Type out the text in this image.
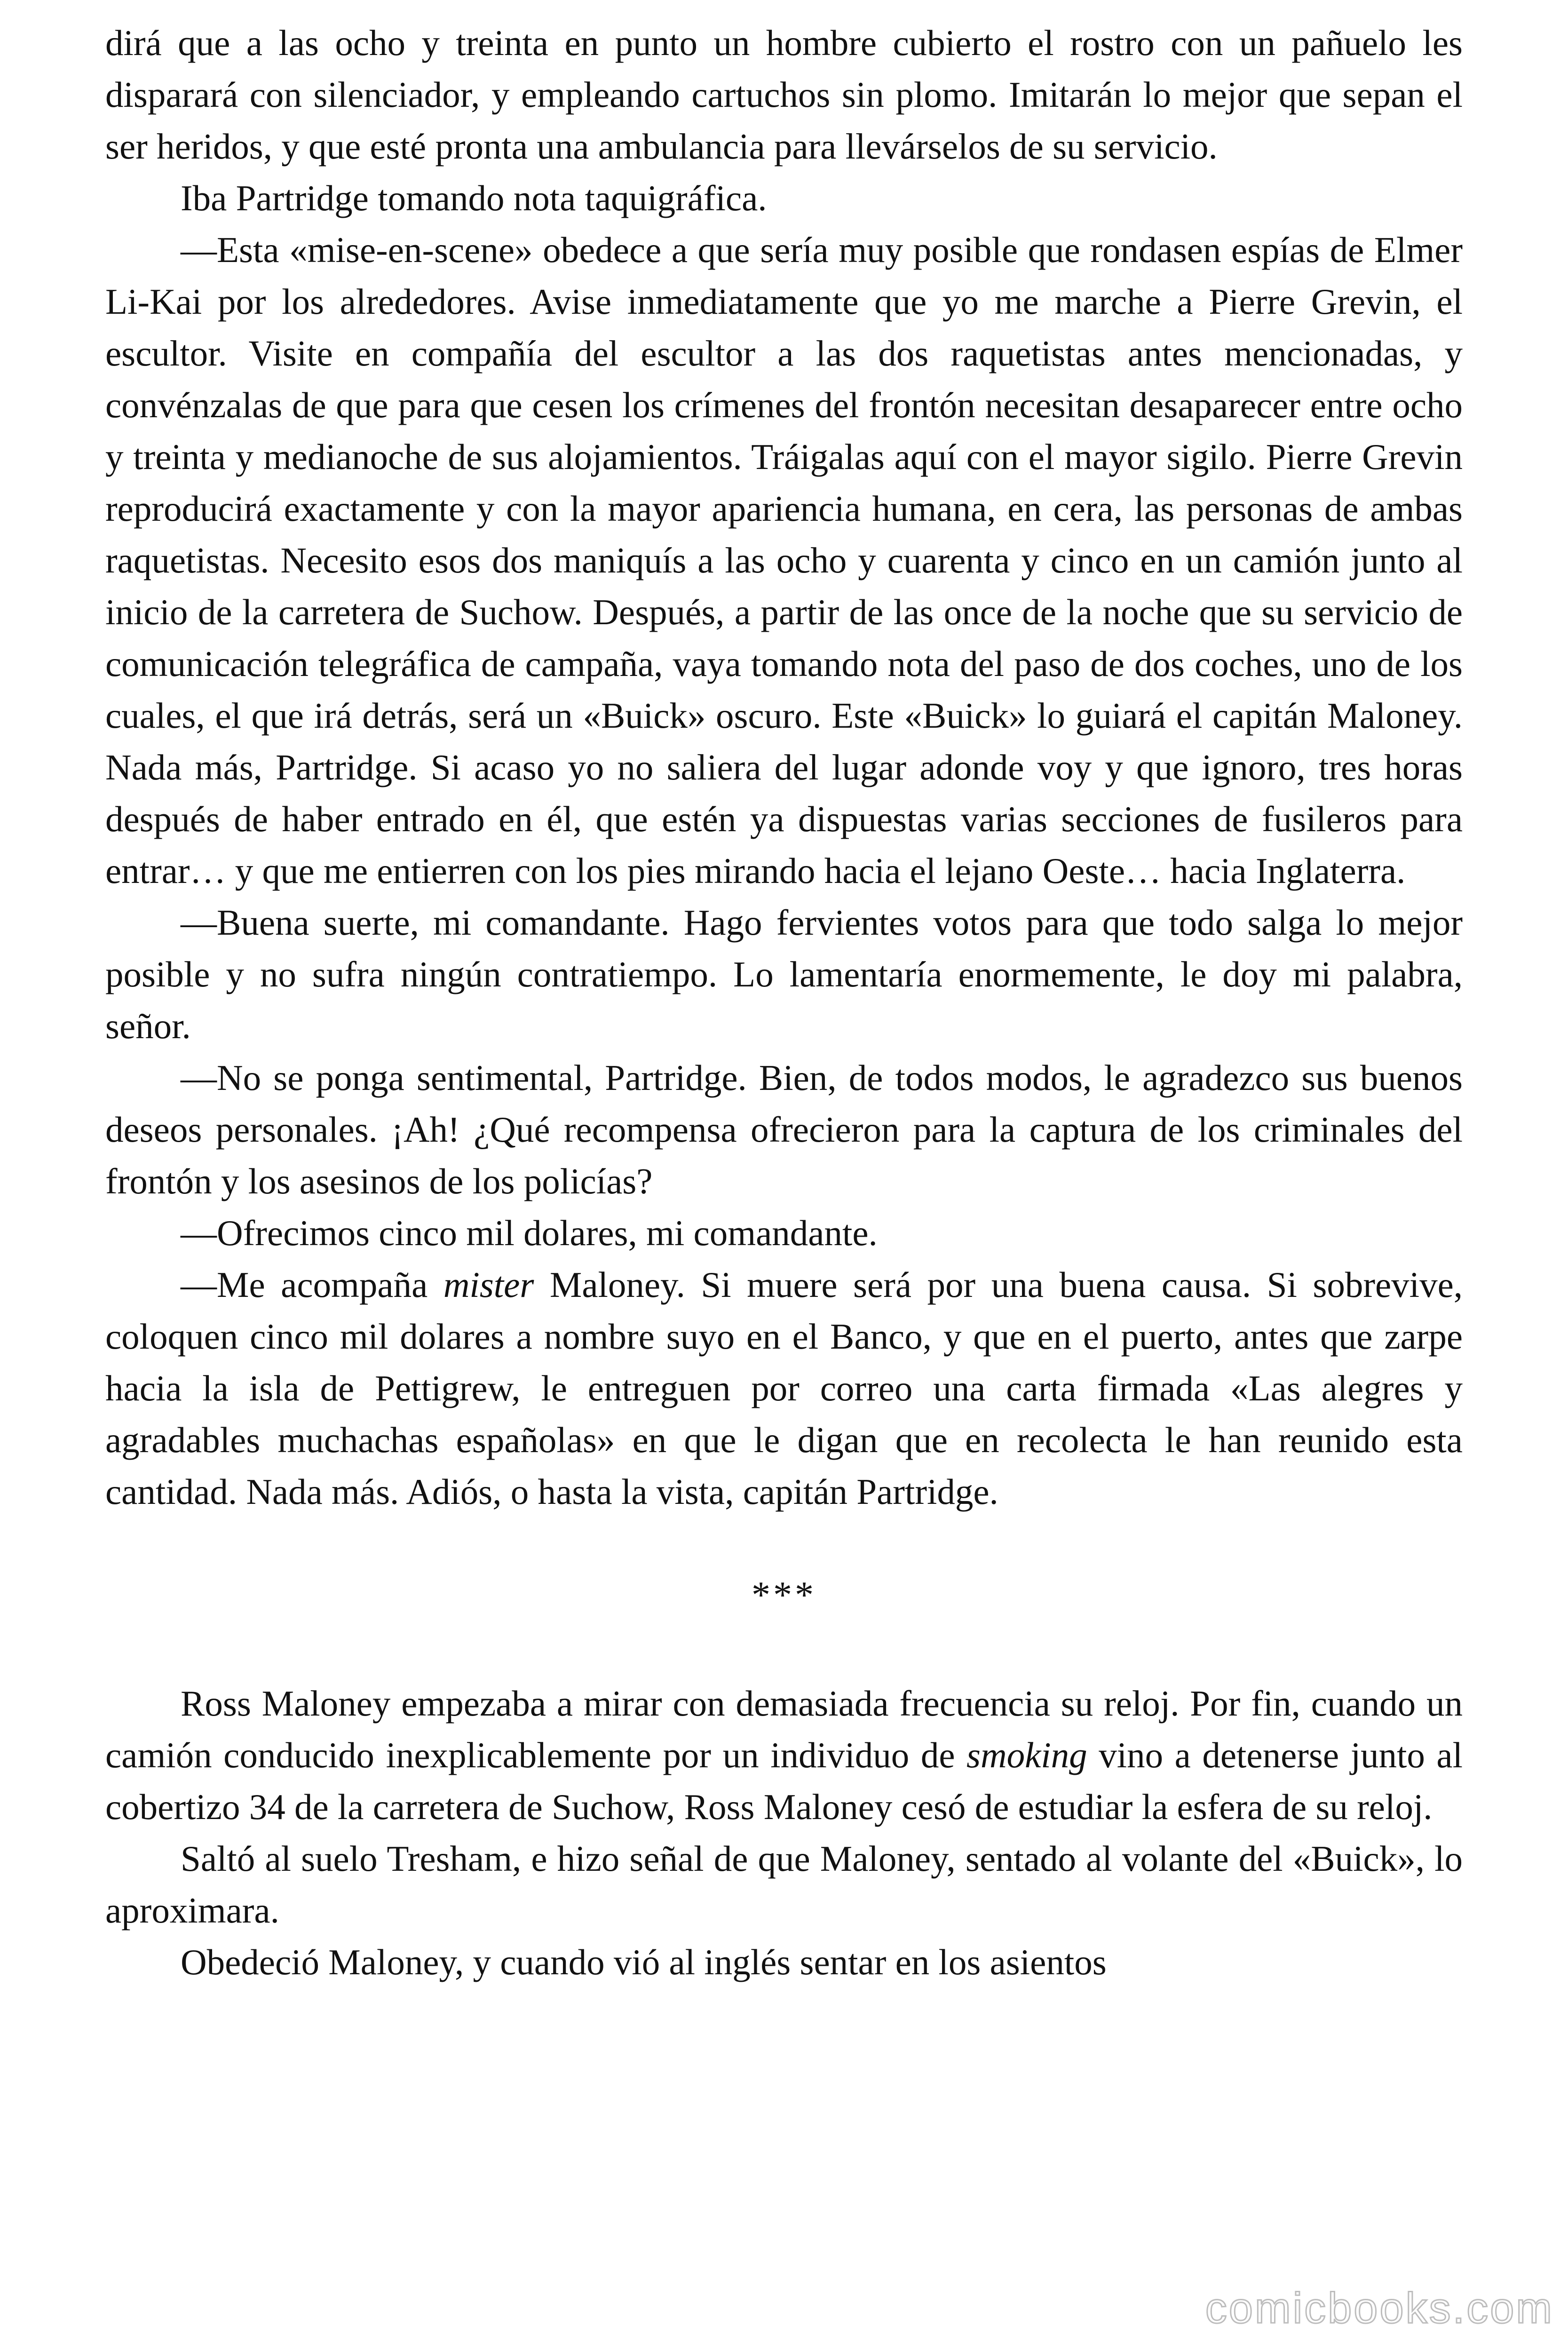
dirá que a las ocho y treinta en punto un hombre cubierto el rostro con un pañuelo les disparará con silenciador, y empleando cartuchos sin plomo. Imitarán lo mejor que sepan el ser heridos, y que esté pronta una ambulancia para llevárselos de su servicio.

Iba Partridge tomando nota taquigráfica.

—Esta «mise-en-scene» obedece a que sería muy posible que rondasen espías de Elmer Li-Kai por los alrededores. Avise inmediatamente que yo me marche a Pierre Grevin, el escultor. Visite en compañía del escultor a las dos raquetistas antes mencionadas, y convénzalas de que para que cesen los crímenes del frontón necesitan desaparecer entre ocho y treinta y medianoche de sus alojamientos. Tráigalas aquí con el mayor sigilo. Pierre Grevin reproducirá exactamente y con la mayor apariencia humana, en cera, las personas de ambas raquetistas. Necesito esos dos maniquís a las ocho y cuarenta y cinco en un camión junto al inicio de la carretera de Suchow. Después, a partir de las once de la noche que su servicio de comunicación telegráfica de campaña, vaya tomando nota del paso de dos coches, uno de los cuales, el que irá detrás, será un «Buick» oscuro. Este «Buick» lo guiará el capitán Maloney. Nada más, Partridge. Si acaso yo no saliera del lugar adonde voy y que ignoro, tres horas después de haber entrado en él, que estén ya dispuestas varias secciones de fusileros para entrar… y que me entierren con los pies mirando hacia el lejano Oeste… hacia Inglaterra.

—Buena suerte, mi comandante. Hago fervientes votos para que todo salga lo mejor posible y no sufra ningún contratiempo. Lo lamentaría enormemente, le doy mi palabra, señor.

—No se ponga sentimental, Partridge. Bien, de todos modos, le agradezco sus buenos deseos personales. ¡Ah! ¿Qué recompensa ofrecieron para la captura de los criminales del frontón y los asesinos de los policías?

—Ofrecimos cinco mil dolares, mi comandante.

—Me acompaña mister Maloney. Si muere será por una buena causa. Si sobrevive, coloquen cinco mil dolares a nombre suyo en el Banco, y que en el puerto, antes que zarpe hacia la isla de Pettigrew, le entreguen por correo una carta firmada «Las alegres y agradables muchachas españolas» en que le digan que en recolecta le han reunido esta cantidad. Nada más. Adiós, o hasta la vista, capitán Partridge.

***

Ross Maloney empezaba a mirar con demasiada frecuencia su reloj. Por fin, cuando un camión conducido inexplicablemente por un individuo de smoking vino a detenerse junto al cobertizo 34 de la carretera de Suchow, Ross Maloney cesó de estudiar la esfera de su reloj.

Saltó al suelo Tresham, e hizo señal de que Maloney, sentado al volante del «Buick», lo aproximara.

Obedeció Maloney, y cuando vió al inglés sentar en los asientos

comicbooks.com
